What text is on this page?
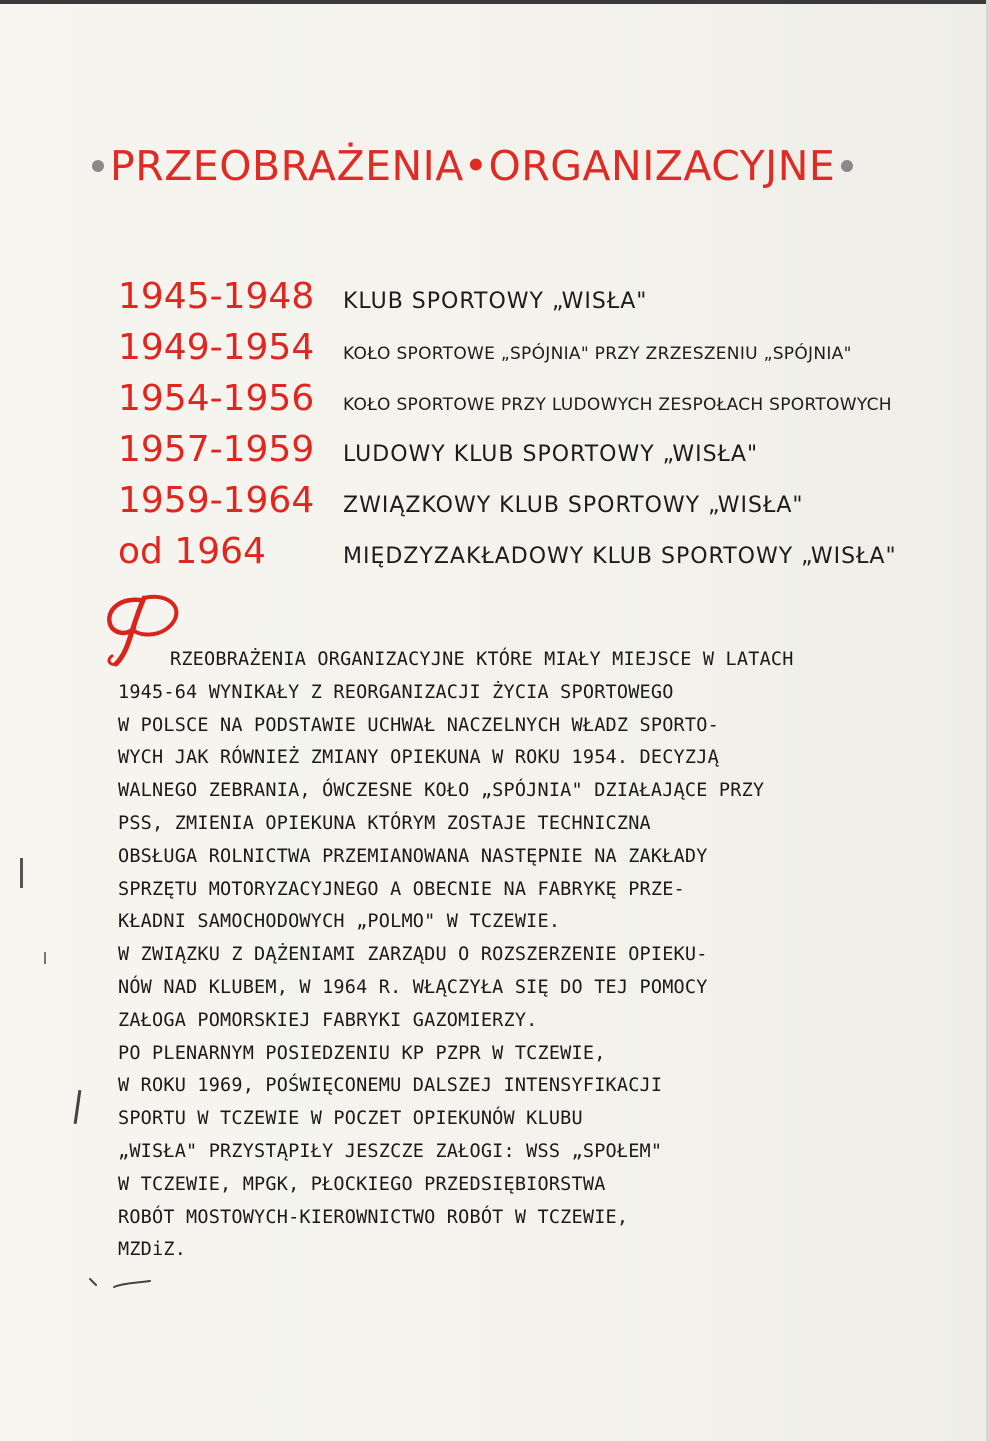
PRZEOBRAŻENIA•ORGANIZACYJNE
1945-1948	KLUB SPORTOWY „WISŁA"
1949-1954	KOŁO SPORTOWE „SPÓJNIA" PRZY ZRZESZENIU „SPÓJNIA"
1954-1956	KOŁO SPORTOWE PRZY LUDOWYCH ZESPOŁACH SPORTOWYCH
1957-1959	LUDOWY KLUB SPORTOWY „WISŁA"
1959-1964	ZWIĄZKOWY KLUB SPORTOWY „WISŁA"
od 1964	MIĘDZYZAKŁADOWY KLUB SPORTOWY „WISŁA"
P
RZEOBRAŻENIA ORGANIZACYJNE KTÓRE MIAŁY MIEJSCE W LATACH
1945-64 WYNIKAŁY Z REORGANIZACJI ŻYCIA SPORTOWEGO
W POLSCE NA PODSTAWIE UCHWAŁ NACZELNYCH WŁADZ SPORTO-
WYCH JAK RÓWNIEŻ ZMIANY OPIEKUNA W ROKU 1954. DECYZJĄ
WALNEGO ZEBRANIA, ÓWCZESNE KOŁO „SPÓJNIA" DZIAŁAJĄCE PRZY
PSS, ZMIENIA OPIEKUNA KTÓRYM ZOSTAJE TECHNICZNA
OBSŁUGA ROLNICTWA PRZEMIANOWANA NASTĘPNIE NA ZAKŁADY
SPRZĘTU MOTORYZACYJNEGO A OBECNIE NA FABRYKĘ PRZE-
KŁADNI SAMOCHODOWYCH „POLMO" W TCZEWIE.
W ZWIĄZKU Z DĄŻENIAMI ZARZĄDU O ROZSZERZENIE OPIEKU-
NÓW NAD KLUBEM, W 1964 R. WŁĄCZYŁA SIĘ DO TEJ POMOCY
ZAŁOGA POMORSKIEJ FABRYKI GAZOMIERZY.
PO PLENARNYM POSIEDZENIU KP PZPR W TCZEWIE,
W ROKU 1969, POŚWIĘCONEMU DALSZEJ INTENSYFIKACJI
SPORTU W TCZEWIE W POCZET OPIEKUNÓW KLUBU
„WISŁA" PRZYSTĄPIŁY JESZCZE ZAŁOGI: WSS „SPOŁEM"
W TCZEWIE, MPGK, PŁOCKIEGO PRZEDSIĘBIORSTWA
ROBÓT MOSTOWYCH-KIEROWNICTWO ROBÓT W TCZEWIE,
MZDiZ.
